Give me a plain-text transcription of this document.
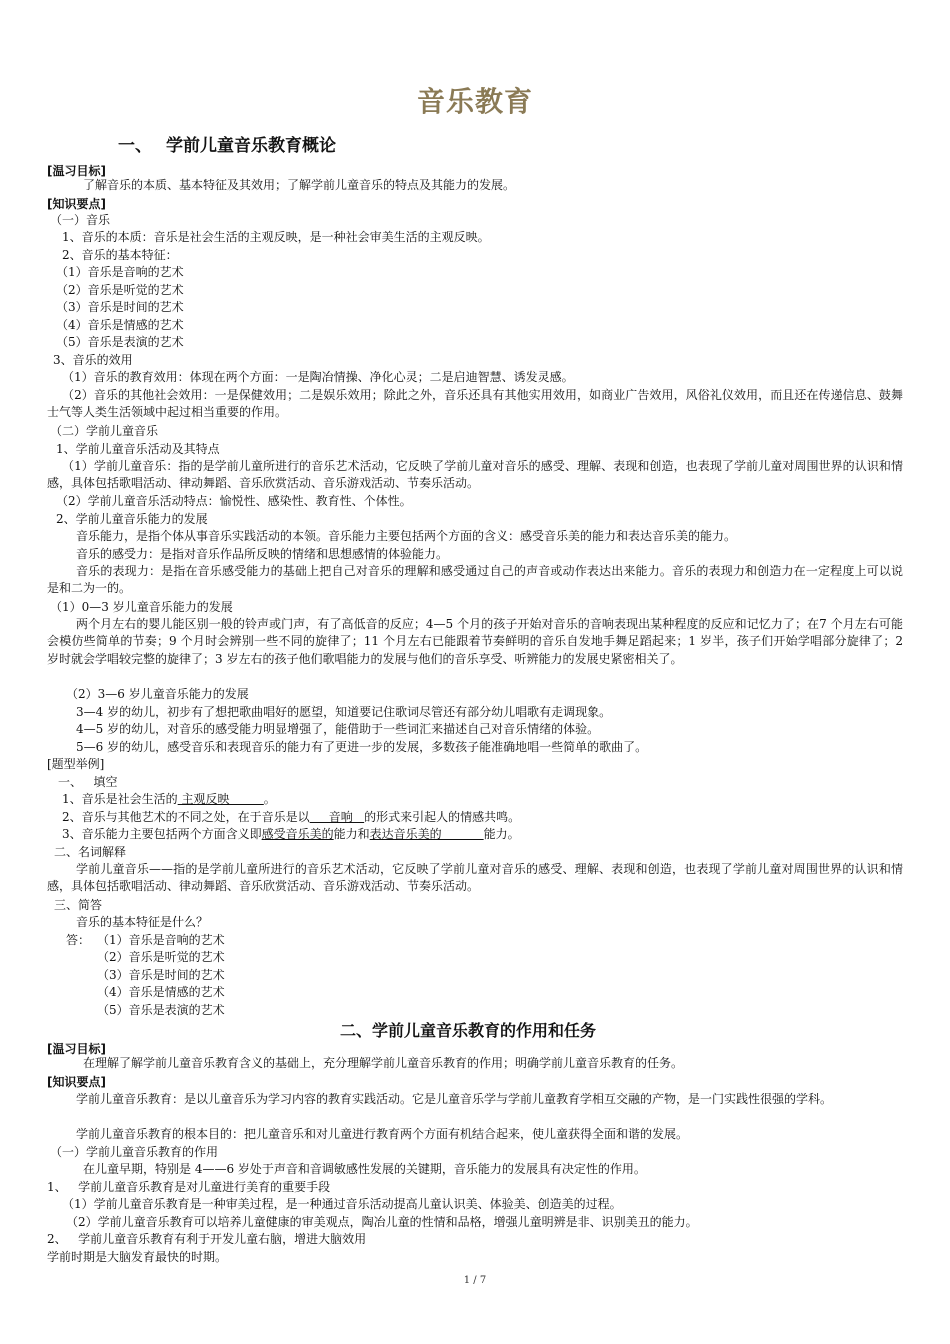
音乐教育
一、 学前儿童音乐教育概论
[温习目标]
了解音乐的本质、基本特征及其效用；了解学前儿童音乐的特点及其能力的发展。
[知识要点]
（一）音乐
1、音乐的本质：音乐是社会生活的主观反映，是一种社会审美生活的主观反映。
2、音乐的基本特征：
（1）音乐是音响的艺术
（2）音乐是听觉的艺术
（3）音乐是时间的艺术
（4）音乐是情感的艺术
（5）音乐是表演的艺术
3、音乐的效用
（1）音乐的教育效用：体现在两个方面：一是陶冶情操、净化心灵；二是启迪智慧、诱发灵感。
（2）音乐的其他社会效用：一是保健效用；二是娱乐效用；除此之外，音乐还具有其他实用效用，如商业广告效用，风俗礼仪效用，而且还在传递信息、鼓舞士气等人类生活领域中起过相当重要的作用。
（二）学前儿童音乐
1、学前儿童音乐活动及其特点
（1）学前儿童音乐：指的是学前儿童所进行的音乐艺术活动，它反映了学前儿童对音乐的感受、理解、表现和创造，也表现了学前儿童对周围世界的认识和情感，具体包括歌唱活动、律动舞蹈、音乐欣赏活动、音乐游戏活动、节奏乐活动。
（2）学前儿童音乐活动特点：愉悦性、感染性、教育性、个体性。
2、学前儿童音乐能力的发展
音乐能力，是指个体从事音乐实践活动的本领。音乐能力主要包括两个方面的含义：感受音乐美的能力和表达音乐美的能力。
音乐的感受力：是指对音乐作品所反映的情绪和思想感情的体验能力。
音乐的表现力：是指在音乐感受能力的基础上把自己对音乐的理解和感受通过自己的声音或动作表达出来能力。音乐的表现力和创造力在一定程度上可以说是和二为一的。
（1）0—3 岁儿童音乐能力的发展
两个月左右的婴儿能区别一般的铃声或门声，有了高低音的反应；4—5 个月的孩子开始对音乐的音响表现出某种程度的反应和记忆力了；在7 个月左右可能会模仿些简单的节奏；9 个月时会辨别一些不同的旋律了；11 个月左右已能跟着节奏鲜明的音乐自发地手舞足蹈起来；1 岁半，孩子们开始学唱部分旋律了；2 岁时就会学唱较完整的旋律了；3 岁左右的孩子他们歌唱能力的发展与他们的音乐享受、听辨能力的发展史紧密相关了。
（2）3—6 岁儿童音乐能力的发展
3—4 岁的幼儿，初步有了想把歌曲唱好的愿望，知道要记住歌词尽管还有部分幼儿唱歌有走调现象。
4—5 岁的幼儿，对音乐的感受能力明显增强了，能借助于一些词汇来描述自己对音乐情绪的体验。
5—6 岁的幼儿，感受音乐和表现音乐的能力有了更进一步的发展，多数孩子能准确地唱一些简单的歌曲了。
[题型举例]
一、   填空
1、音乐是社会生活的 主观反映         。
2、音乐与其他艺术的不同之处，在于音乐是以     音响   的形式来引起人的情感共鸣。
3、音乐能力主要包括两个方面含义即感受音乐美的能力和表达音乐美的           能力。
二、名词解释
学前儿童音乐——指的是学前儿童所进行的音乐艺术活动，它反映了学前儿童对音乐的感受、理解、表现和创造，也表现了学前儿童对周围世界的认识和情感，具体包括歌唱活动、律动舞蹈、音乐欣赏活动、音乐游戏活动、节奏乐活动。
三、简答
音乐的基本特征是什么？
答： （1）音乐是音响的艺术
（2）音乐是听觉的艺术
（3）音乐是时间的艺术
（4）音乐是情感的艺术
（5）音乐是表演的艺术
二、学前儿童音乐教育的作用和任务
[温习目标]
在理解了解学前儿童音乐教育含义的基础上，充分理解学前儿童音乐教育的作用；明确学前儿童音乐教育的任务。
[知识要点]
学前儿童音乐教育：是以儿童音乐为学习内容的教育实践活动。它是儿童音乐学与学前儿童教育学相互交融的产物，是一门实践性很强的学科。
学前儿童音乐教育的根本目的：把儿童音乐和对儿童进行教育两个方面有机结合起来，使儿童获得全面和谐的发展。
（一）学前儿童音乐教育的作用
在儿童早期，特别是 4——6 岁处于声音和音调敏感性发展的关键期，音乐能力的发展具有决定性的作用。
1、   学前儿童音乐教育是对儿童进行美育的重要手段
（1）学前儿童音乐教育是一种审美过程，是一种通过音乐活动提高儿童认识美、体验美、创造美的过程。
（2）学前儿童音乐教育可以培养儿童健康的审美观点，陶冶儿童的性情和品格，增强儿童明辨是非、识别美丑的能力。
2、   学前儿童音乐教育有利于开发儿童右脑，增进大脑效用
学前时期是大脑发育最快的时期。
1 / 7
